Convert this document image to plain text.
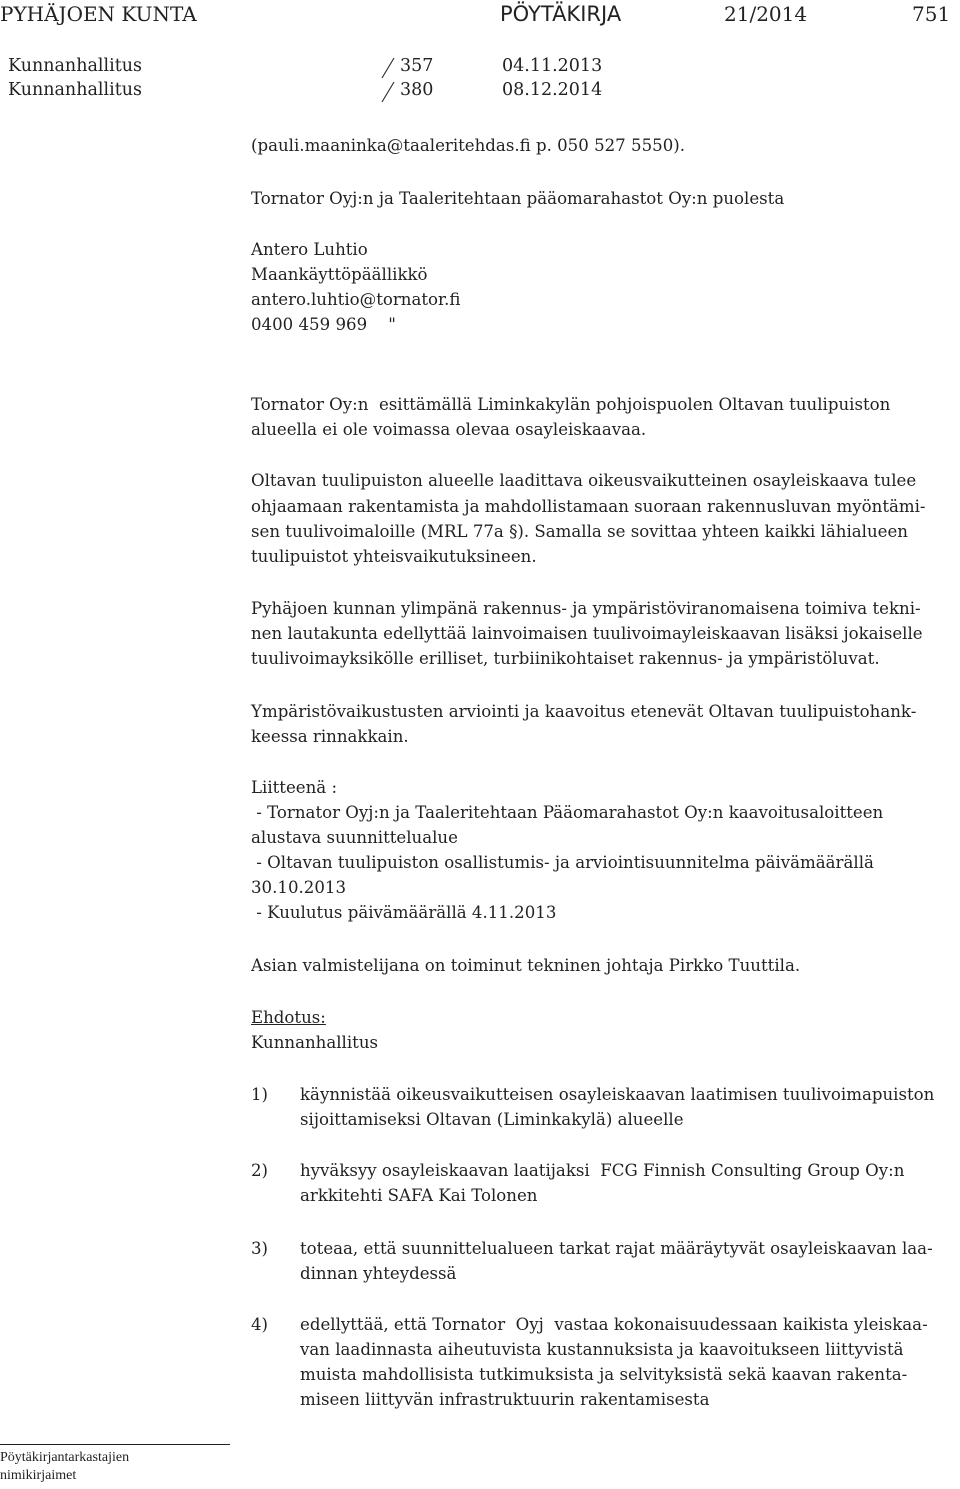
PYHÄJOEN KUNTA	PÖYTÄKIRJA	21/2014	751
Kunnanhallitus	357	04.11.2013
Kunnanhallitus	380	08.12.2014
(pauli.maaninka@taaleritehdas.fi p. 050 527 5550).
Tornator Oyj:n ja Taaleritehtaan pääomarahastot Oy:n puolesta
Antero Luhtio
Maankäyttöpäällikkö
antero.luhtio@tornator.fi
0400 459 969    "
Tornator Oy:n  esittämällä Liminkakylän pohjoispuolen Oltavan tuulipuiston
alueella ei ole voimassa olevaa osayleiskaavaa.
Oltavan tuulipuiston alueelle laadittava oikeusvaikutteinen osayleiskaava tulee
ohjaamaan rakentamista ja mahdollistamaan suoraan rakennusluvan myöntämi-
sen tuulivoimaloille (MRL 77a §). Samalla se sovittaa yhteen kaikki lähialueen
tuulipuistot yhteisvaikutuksineen.
Pyhäjoen kunnan ylimpänä rakennus- ja ympäristöviranomaisena toimiva tekni-
nen lautakunta edellyttää lainvoimaisen tuulivoimayleiskaavan lisäksi jokaiselle
tuulivoimayksikölle erilliset, turbiinikohtaiset rakennus- ja ympäristöluvat.
Ympäristövaikustusten arviointi ja kaavoitus etenevät Oltavan tuulipuistohank-
keessa rinnakkain.
Liitteenä :
- Tornator Oyj:n ja Taaleritehtaan Pääomarahastot Oy:n kaavoitusaloitteen
alustava suunnittelualue
- Oltavan tuulipuiston osallistumis- ja arviointisuunnitelma päivämäärällä
30.10.2013
- Kuulutus päivämäärällä 4.11.2013
Asian valmistelijana on toiminut tekninen johtaja Pirkko Tuuttila.
Ehdotus:
Kunnanhallitus
1) käynnistää oikeusvaikutteisen osayleiskaavan laatimisen tuulivoimapuiston
sijoittamiseksi Oltavan (Liminkakylä) alueelle
2) hyväksyy osayleiskaavan laatijaksi  FCG Finnish Consulting Group Oy:n
arkkitehti SAFA Kai Tolonen
3) toteaa, että suunnittelualueen tarkat rajat määräytyvät osayleiskaavan laa-
dinnan yhteydessä
4) edellyttää, että Tornator  Oyj  vastaa kokonaisuudessaan kaikista yleiskaa-
van laadinnasta aiheutuvista kustannuksista ja kaavoitukseen liittyvistä
muista mahdollisista tutkimuksista ja selvityksistä sekä kaavan rakenta-
miseen liittyvän infrastruktuurin rakentamisesta
Pöytäkirjantarkastajien
nimikirjaimet
